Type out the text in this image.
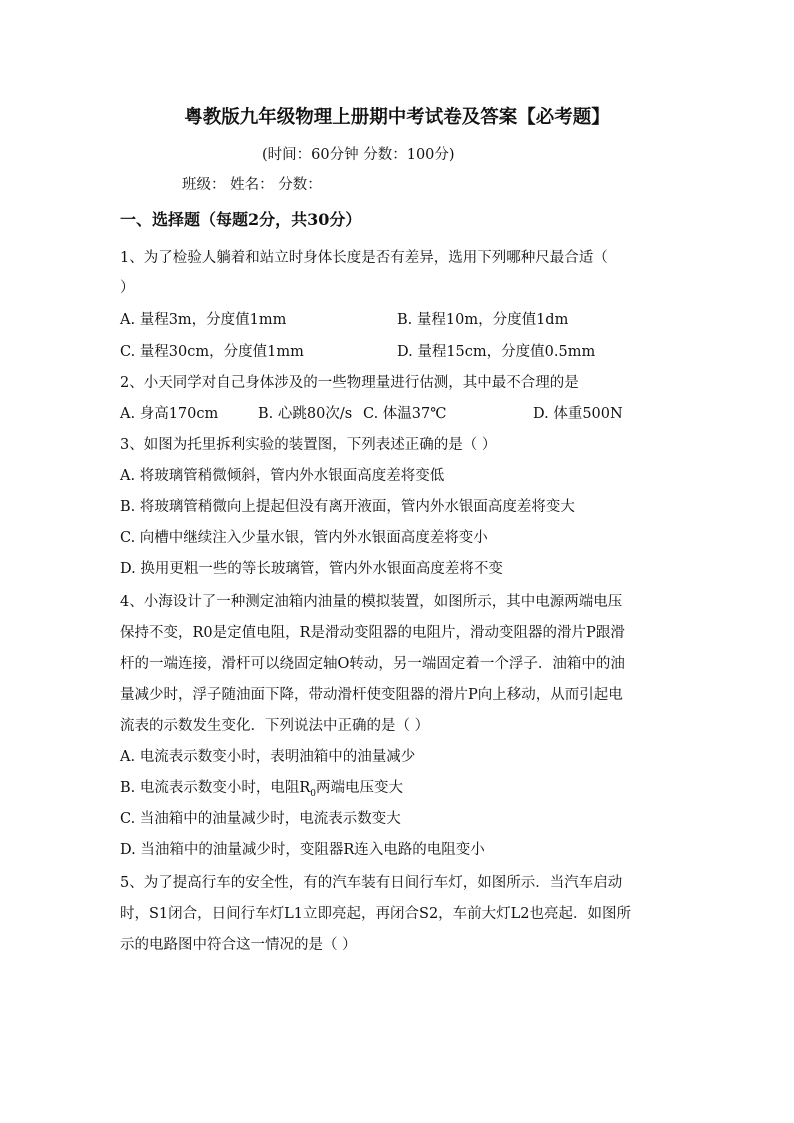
粤教版九年级物理上册期中考试卷及答案【必考题】
(时间：60分钟 分数：100分)
班级： 姓名： 分数：
一、选择题（每题2分，共30分）
1、为了检验人躺着和站立时身体长度是否有差异，选用下列哪种尺最合适（
）
A. 量程3m，分度值1mm	B. 量程10m，分度值1dm
C. 量程30cm，分度值1mm	D. 量程15cm，分度值0.5mm
2、小天同学对自己身体涉及的一些物理量进行估测，其中最不合理的是
A. 身高170cm	B. 心跳80次/s C. 体温37℃	D. 体重500N
3、如图为托里拆利实验的装置图，下列表述正确的是（ ）
A. 将玻璃管稍微倾斜，管内外水银面高度差将变低
B. 将玻璃管稍微向上提起但没有离开液面，管内外水银面高度差将变大
C. 向槽中继续注入少量水银，管内外水银面高度差将变小
D. 换用更粗一些的等长玻璃管，管内外水银面高度差将不变
4、小海设计了一种测定油箱内油量的模拟装置，如图所示，其中电源两端电压
保持不变，R0是定值电阻，R是滑动变阻器的电阻片，滑动变阻器的滑片P跟滑
杆的一端连接，滑杆可以绕固定轴O转动，另一端固定着一个浮子．油箱中的油
量减少时，浮子随油面下降，带动滑杆使变阻器的滑片P向上移动，从而引起电
流表的示数发生变化．下列说法中正确的是（ ）
A. 电流表示数变小时，表明油箱中的油量减少
B. 电流表示数变小时，电阻$R_0$两端电压变大
C. 当油箱中的油量减少时，电流表示数变大
D. 当油箱中的油量减少时，变阻器R连入电路的电阻变小
5、为了提高行车的安全性，有的汽车装有日间行车灯，如图所示．当汽车启动
时，S1闭合，日间行车灯L1立即亮起，再闭合S2，车前大灯L2也亮起．如图所
示的电路图中符合这一情况的是（ ）
